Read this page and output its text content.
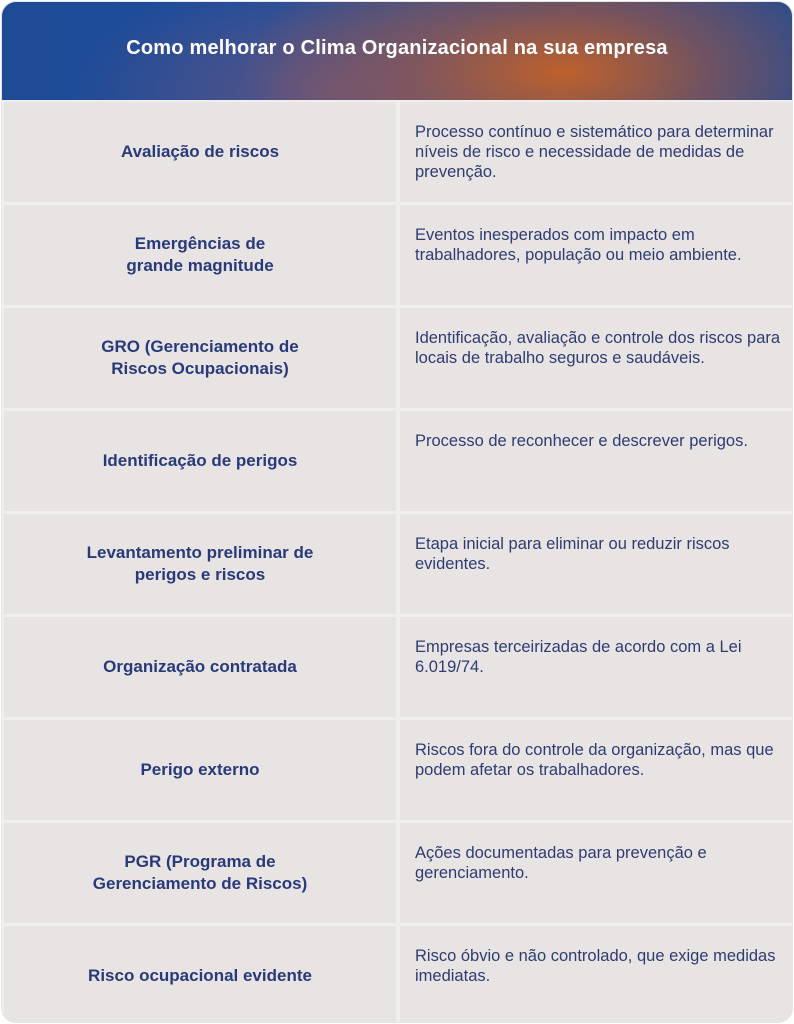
Como melhorar o Clima Organizacional na sua empresa
Avaliação de riscos
Processo contínuo e sistemático para determinar níveis de risco e necessidade de medidas de prevenção.
Emergências de grande magnitude
Eventos inesperados com impacto em trabalhadores, população ou meio ambiente.
GRO (Gerenciamento de Riscos Ocupacionais)
Identificação, avaliação e controle dos riscos para locais de trabalho seguros e saudáveis.
Identificação de perigos
Processo de reconhecer e descrever perigos.
Levantamento preliminar de perigos e riscos
Etapa inicial para eliminar ou reduzir riscos evidentes.
Organização contratada
Empresas terceirizadas de acordo com a Lei 6.019/74.
Perigo externo
Riscos fora do controle da organização, mas que podem afetar os trabalhadores.
PGR (Programa de Gerenciamento de Riscos)
Ações documentadas para prevenção e gerenciamento.
Risco ocupacional evidente
Risco óbvio e não controlado, que exige medidas imediatas.
